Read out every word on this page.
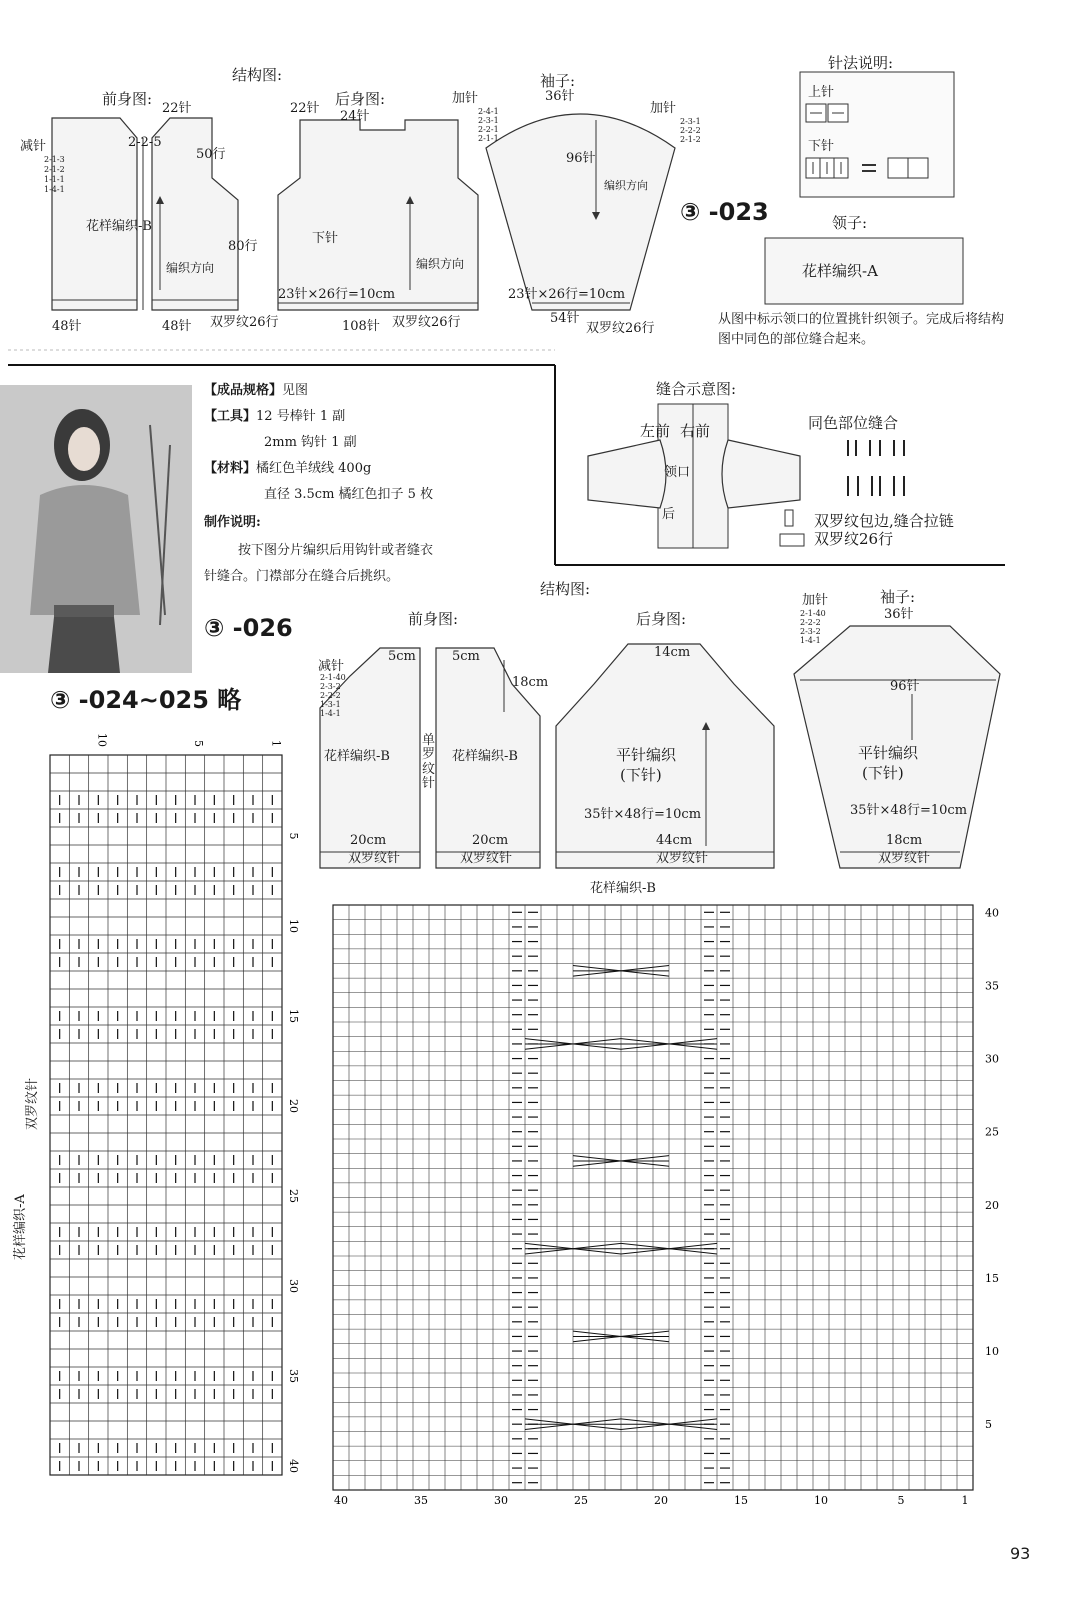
结构图:
前身图:	后身图:
袖子:
22针	22针
24针
36针
减针
2-1-3
2-1-2
1-1-1
1-4-1
加针
2-4-1
2-3-1
2-2-1
2-1-1
加针
2-3-1
2-2-2
2-1-2
2-2-5
50行
80行
96针
花样编织-B
编织方向
下针
编织方向
编织方向
23针×26行=10cm	23针×26行=10cm
48针	48针 双罗纹26行	108针 双罗纹26行	54针
双罗纹26行
③ -023
针法说明:
上针
下针
领子:
花样编织-A
从图中标示领口的位置挑针织领子。完成后将结构图中同色的部位缝合起来。
【成品规格】见图
【工具】12 号棒针 1 副
2mm 钩针 1 副
【材料】橘红色羊绒线 400g
直径 3.5cm 橘红色扣子 5 枚
制作说明:
按下图分片编织后用钩针或者缝衣
针缝合。门襟部分在缝合后挑织。
③ -026
③ -024~025 略
缝合示意图:
左前 右前
领口
后
同色部位缝合
双罗纹包边,缝合拉链
双罗纹26行
结构图:
前身图:	后身图:
袖子:
5cm	5cm
18cm
14cm
36针
减针
2-1-40
2-3-2
2-2-2
1-3-1
1-4-1
加针
2-1-40
2-2-2
2-3-2
1-4-1
花样编织-B	花样编织-B
单罗纹针
平针编织
(下针)
平针编织
(下针)
35针×48行=10cm	35针×48行=10cm
20cm	20cm	44cm	18cm
96针
双罗纹针	双罗纹针	双罗纹针	双罗纹针
10	5	1
5
10
15
20
25
30
35
40
40	35	30	25	20	15	10	5	1
40
35
30
25
20
15
10
5
花样编织-A
双罗纹针
花样编织-B
93
